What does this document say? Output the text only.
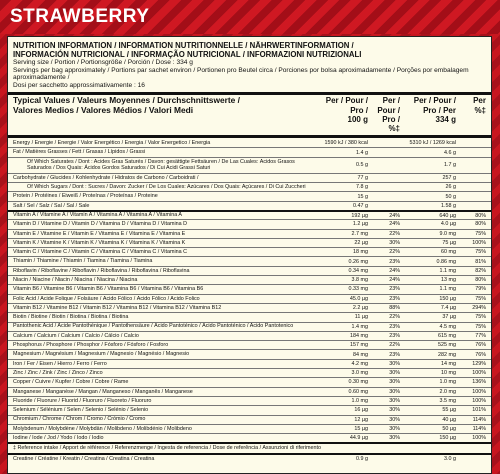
STRAWBERRY
NUTRITION INFORMATION / INFORMATION NUTRITIONNELLE / NÄHRWERTINFORMATION /
INFORMACIÓN NUTRICIONAL / INFORMAÇÃO NUTRICIONAL / INFORMAZIONI NUTRIZIONALI
Serving size / Portion / Portionsgröße / Porción / Dose : 334 g
Servings per bag approximately / Portions par sachet environ / Portionen pro Beutel circa / Porciones por bolsa aproximadamente / Porções por embalagem aproximadamente /
Dosi per sacchetto approssimativamente : 16
Typical Values / Valeurs Moyennes / Durchschnittswerte /
Valores Medios / Valores Médios / Valori Medi
Per / Pour / Pro /
100 g
Per / Pour / Pro /
%‡
Per / Pour / Pro / Per
334 g
Per
%‡
Energy / Énergie / Energie / Valor Energético / Energia / Valor Energetico / Energia	1590 kJ / 380 kcal	5310 kJ / 1269 kcal
Fat / Matières Grasses / Fett / Grasas / Lípidos / Grassi	1.4 g	4.6 g
Of Which Saturates / Dont : Acides Gras Saturés / Davon: gesättigte Fettsäuren / De Las Cuales: Ácidos Grasos Saturados / Dos Quais: Ácidos Gordos Saturados / Di Cui Acidi Grassi Saturi	0.5 g	1.7 g
Carbohydrate / Glucides / Kohlenhydrate / Hidratos de Carbono / Carboidrati /	77 g	257 g
Of Which Sugars / Dont : Sucres / Davon: Zucker / De Los Cuales: Azúcares / Dos Quais: Açúcares / Di Cui Zuccheri	7.8 g	26 g
Protein / Protéines / Eiweiß / Proteínas / Proteínas / Proteine	15 g	50 g
Salt / Sel / Salz / Sal / Sal / Sale	0.47 g	1.58 g
Vitamin A / Vitamine A / Vitamin A / Vitamina A / Vitamina A / Vitamina A	192 µg	24%	640 µg	80%
Vitamin D / Vitamine D / Vitamin D / Vitamina D / Vitamina D / Vitamina D	1.2 µg	24%	4.0 µg	80%
Vitamin E / Vitamine E / Vitamin E / Vitamina E / Vitamina E / Vitamina E	2.7 mg	22%	9.0 mg	75%
Vitamin K / Vitamine K / Vitamin K / Vitamina K / Vitamina K / Vitamina K	22 µg	30%	75 µg	100%
Vitamin C / Vitamine C / Vitamin C / Vitamina C / Vitamina C / Vitamina C	18 mg	22%	60 mg	75%
Thiamin / Thiamine / Thiamin / Tiamina / Tiamina / Tiamina	0.26 mg	23%	0.86 mg	81%
Riboflavin / Riboflavine / Riboflavin / Riboflavina / Riboflavina / Riboflavina	0.34 mg	24%	1.1 mg	82%
Niacin / Niacine / Niacin / Niacina / Niacina / Niacina	3.8 mg	24%	13 mg	80%
Vitamin B6 / Vitamine B6 / Vitamin B6 / Vitamina B6 / Vitamina B6 / Vitamina B6	0.33 mg	23%	1.1 mg	79%
Folic Acid / Acide Folique / Folsäure / Ácido Fólico / Ácido Fólico / Acido Folico	45.0 µg	23%	150 µg	75%
Vitamin B12 / Vitamine B12 / Vitamin B12 / Vitamina B12 / Vitamina B12 / Vitamina B12	2.2 µg	88%	7.4 µg	294%
Biotin / Biotine / Biotin / Biotina / Biotina / Biotina	11 µg	22%	37 µg	75%
Pantothenic Acid / Acide Pantothénique / Pantothensäure / Ácido Pantoténico / Ácido Pantoténico / Acido Pantotenico	1.4 mg	23%	4.5 mg	75%
Calcium / Calcium / Calcium / Calcio / Cálcio / Calcio	184 mg	23%	615 mg	77%
Phosphorus / Phosphore / Phosphor / Fósforo / Fósforo / Fosforo	157 mg	22%	525 mg	76%
Magnesium / Magnésium / Magnesium / Magnesio / Magnésio / Magnesio	84 mg	23%	282 mg	76%
Iron / Fer / Eisen / Hierro / Ferro / Ferro	4.2 mg	30%	14 mg	129%
Zinc / Zinc / Zink / Zinc / Zinco / Zinco	3.0 mg	30%	10 mg	100%
Copper / Cuivre / Kupfer / Cobre / Cobre / Rame	0.30 mg	30%	1.0 mg	136%
Manganese / Manganèse / Mangan / Manganeso / Manganês / Manganese	0.60 mg	30%	2.0 mg	100%
Fluoride / Fluorure / Fluorid / Fluoruro / Fluoreto / Fluoruro	1.0 mg	30%	3.5 mg	100%
Selenium / Sélénium / Selen / Selenio / Selénio / Selenio	16 µg	30%	55 µg	101%
Chromium / Chrome / Chrom / Cromo / Crómio / Cromo	12 µg	30%	40 µg	114%
Molybdenum / Molybdène / Molybdän / Molibdeno / Molibdénio / Molibdeno	15 µg	30%	50 µg	114%
Iodine / Iode / Jod / Yodo / Iodo / Iodio	44.9 µg	30%	150 µg	100%
‡ Reference intake / Apport de référence / Referenzmenge / Ingesta de referencia / Dose de referência / Assunzioni di riferimento
Creatine / Créatine / Kreatin / Creatina / Creatina / Creatina	0.9 g	3.0 g
